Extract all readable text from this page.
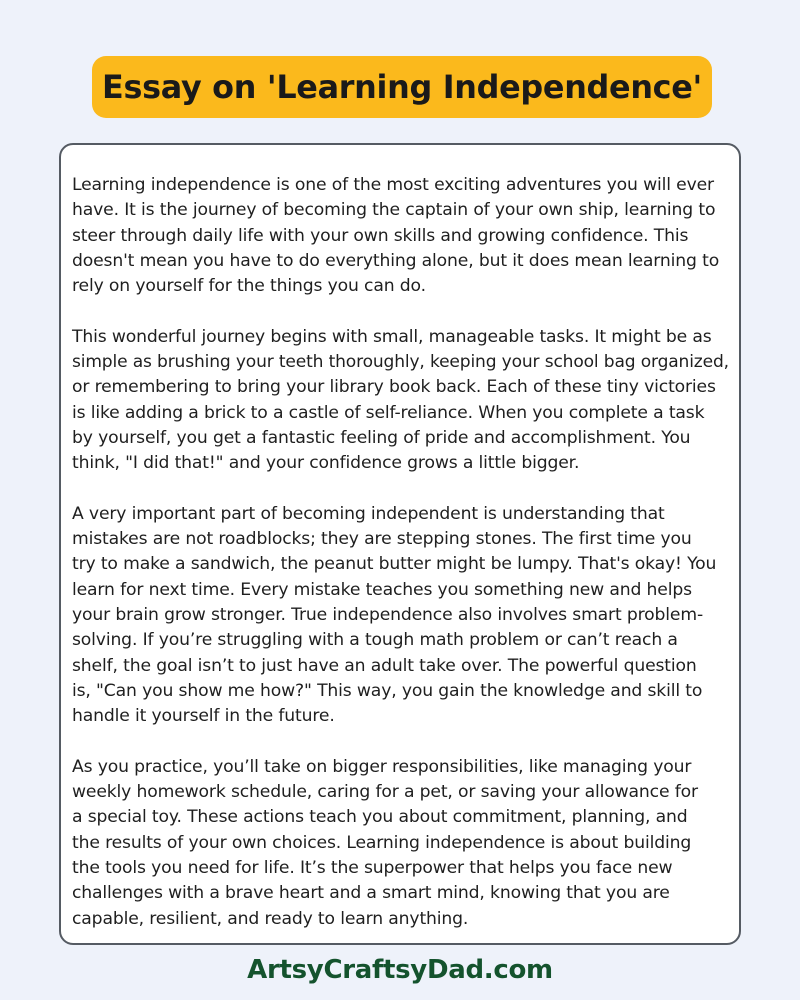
Essay on 'Learning Independence'

Learning independence is one of the most exciting adventures you will ever
have. It is the journey of becoming the captain of your own ship, learning to
steer through daily life with your own skills and growing confidence. This
doesn't mean you have to do everything alone, but it does mean learning to
rely on yourself for the things you can do.

This wonderful journey begins with small, manageable tasks. It might be as
simple as brushing your teeth thoroughly, keeping your school bag organized,
or remembering to bring your library book back. Each of these tiny victories
is like adding a brick to a castle of self-reliance. When you complete a task
by yourself, you get a fantastic feeling of pride and accomplishment. You
think, "I did that!" and your confidence grows a little bigger.

A very important part of becoming independent is understanding that
mistakes are not roadblocks; they are stepping stones. The first time you
try to make a sandwich, the peanut butter might be lumpy. That's okay! You
learn for next time. Every mistake teaches you something new and helps
your brain grow stronger. True independence also involves smart problem-
solving. If you’re struggling with a tough math problem or can’t reach a
shelf, the goal isn’t to just have an adult take over. The powerful question
is, "Can you show me how?" This way, you gain the knowledge and skill to
handle it yourself in the future.

As you practice, you’ll take on bigger responsibilities, like managing your
weekly homework schedule, caring for a pet, or saving your allowance for
a special toy. These actions teach you about commitment, planning, and
the results of your own choices. Learning independence is about building
the tools you need for life. It’s the superpower that helps you face new
challenges with a brave heart and a smart mind, knowing that you are
capable, resilient, and ready to learn anything.

ArtsyCraftsyDad.com
